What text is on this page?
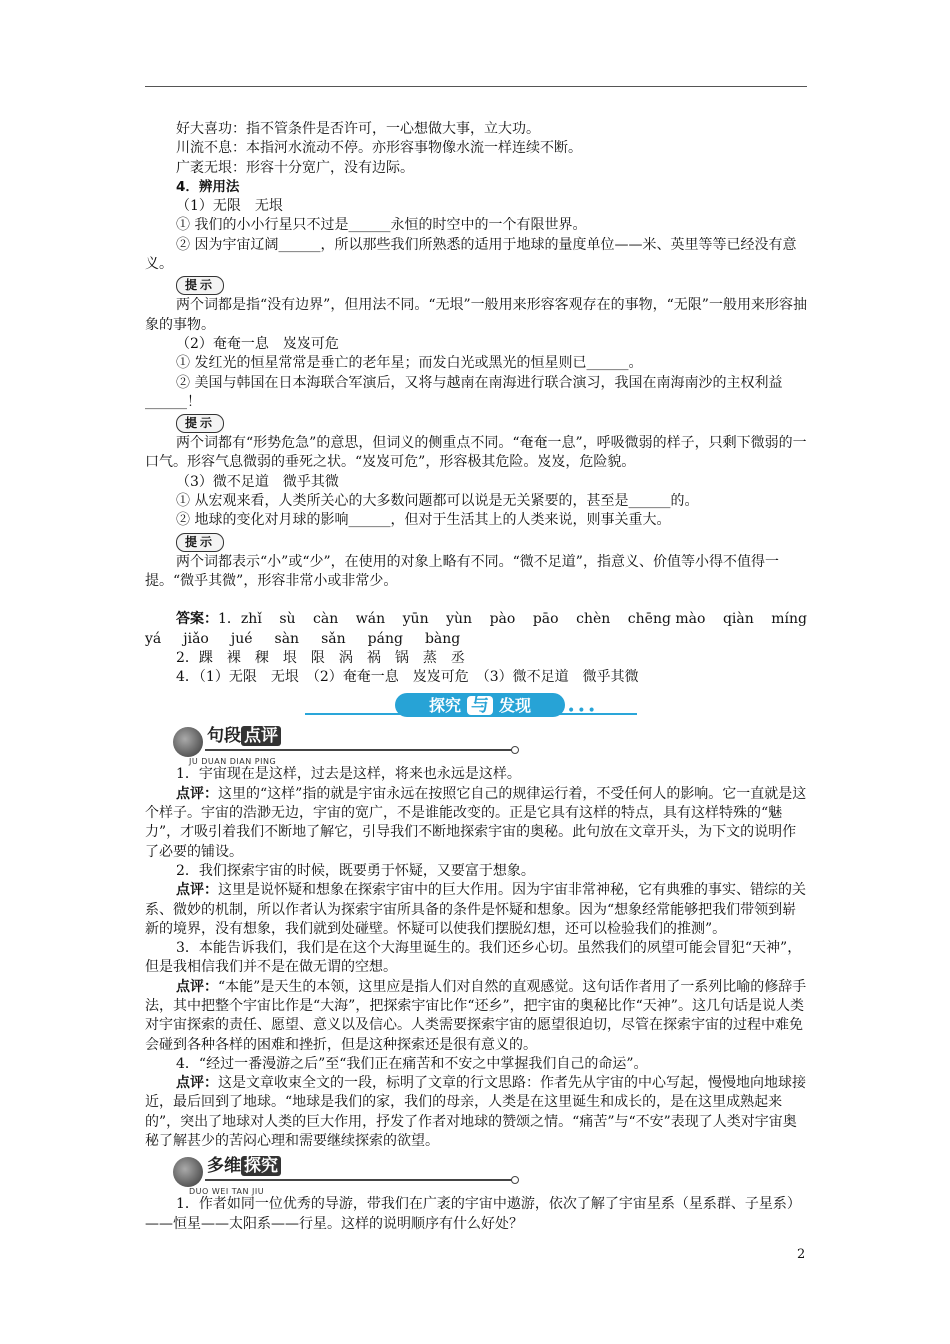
好大喜功：指不管条件是否许可，一心想做大事，立大功。

川流不息：本指河水流动不停。亦形容事物像水流一样连续不断。

广袤无垠：形容十分宽广，没有边际。

4．辨用法

（1）无限　无垠

① 我们的小小行星只不过是______永恒的时空中的一个有限世界。

② 因为宇宙辽阔______，所以那些我们所熟悉的适用于地球的量度单位——米、英里等等已经没有意义。

提示

两个词都是指“没有边界”，但用法不同。“无垠”一般用来形容客观存在的事物，“无限”一般用来形容抽象的事物。

（2）奄奄一息　岌岌可危

① 发红光的恒星常常是垂亡的老年星；而发白光或黑光的恒星则已______。

② 美国与韩国在日本海联合军演后，又将与越南在南海进行联合演习，我国在南海南沙的主权利益______！

提示

两个词都有“形势危急”的意思，但词义的侧重点不同。“奄奄一息”，呼吸微弱的样子，只剩下微弱的一口气。形容气息微弱的垂死之状。“岌岌可危”，形容极其危险。岌岌，危险貌。

（3）微不足道　微乎其微

① 从宏观来看，人类所关心的大多数问题都可以说是无关紧要的，甚至是______的。

② 地球的变化对月球的影响______，但对于生活其上的人类来说，则事关重大。

提示

两个词都表示“小”或“少”，在使用的对象上略有不同。“微不足道”，指意义、价值等小得不值得一提。“微乎其微”，形容非常小或非常少。

答案：1．zhǐ sù càn wán yūn yùn pào pāo chèn chēng mào qiàn míng
yá jiǎo jué sàn sǎn páng bàng

2．踝　裸　稞　垠　限　涡　祸　锅　蒸　丞

4．（1）无限　无垠　（2）奄奄一息　岌岌可危　（3）微不足道　微乎其微

探究 与 发现	•••
句段 点评
JU DUAN DIAN PING

1．宇宙现在是这样，过去是这样，将来也永远是这样。

点评：这里的“这样”指的就是宇宙永远在按照它自己的规律运行着，不受任何人的影响。它一直就是这个样子。宇宙的浩渺无边，宇宙的宽广，不是谁能改变的。正是它具有这样的特点，具有这样特殊的“魅力”，才吸引着我们不断地了解它，引导我们不断地探索宇宙的奥秘。此句放在文章开头，为下文的说明作了必要的铺设。

2．我们探索宇宙的时候，既要勇于怀疑，又要富于想象。

点评：这里是说怀疑和想象在探索宇宙中的巨大作用。因为宇宙非常神秘，它有典雅的事实、错综的关系、微妙的机制，所以作者认为探索宇宙所具备的条件是怀疑和想象。因为“想象经常能够把我们带领到崭新的境界，没有想象，我们就到处碰壁。怀疑可以使我们摆脱幻想，还可以检验我们的推测”。

3．本能告诉我们，我们是在这个大海里诞生的。我们还乡心切。虽然我们的夙望可能会冒犯“天神”，但是我相信我们并不是在做无谓的空想。

点评：“本能”是天生的本领，这里应是指人们对自然的直观感觉。这句话作者用了一系列比喻的修辞手法，其中把整个宇宙比作是“大海”，把探索宇宙比作“还乡”，把宇宙的奥秘比作“天神”。这几句话是说人类对宇宙探索的责任、愿望、意义以及信心。人类需要探索宇宙的愿望很迫切，尽管在探索宇宙的过程中难免会碰到各种各样的困难和挫折，但是这种探索还是很有意义的。

4．“经过一番漫游之后”至“我们正在痛苦和不安之中掌握我们自己的命运”。

点评：这是文章收束全文的一段，标明了文章的行文思路：作者先从宇宙的中心写起，慢慢地向地球接近，最后回到了地球。“地球是我们的家，我们的母亲，人类是在这里诞生和成长的，是在这里成熟起来的”，突出了地球对人类的巨大作用，抒发了作者对地球的赞颂之情。“痛苦”与“不安”表现了人类对宇宙奥秘了解甚少的苦闷心理和需要继续探索的欲望。

多维 探究
DUO WEI TAN JIU

1．作者如同一位优秀的导游，带我们在广袤的宇宙中遨游，依次了解了宇宙星系（星系群、子星系）——恒星——太阳系——行星。这样的说明顺序有什么好处？

2
